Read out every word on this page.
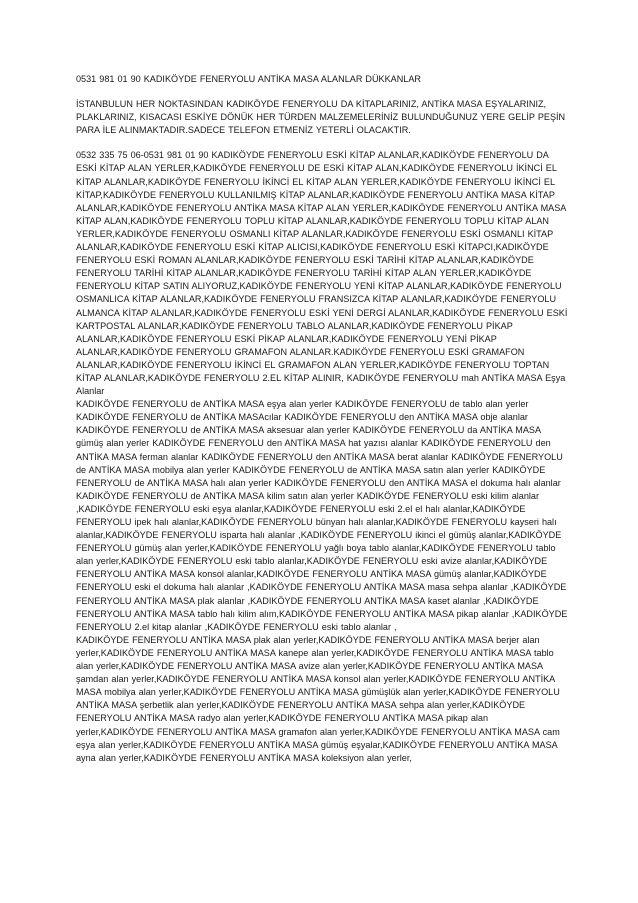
0531 981 01 90 KADIKÖYDE FENERYOLU ANTİKA MASA ALANLAR DÜKKANLAR

İSTANBULUN HER NOKTASINDAN KADIKÖYDE FENERYOLU DA KİTAPLARINIZ, ANTİKA MASA EŞYALARINIZ, PLAKLARINIZ, KISACASI ESKİYE DÖNÜK HER TÜRDEN MALZEMELERİNİZ BULUNDUĞUNUZ YERE GELİP PEŞİN PARA İLE ALINMAKTADIR.SADECE TELEFON ETMENİZ YETERLİ OLACAKTIR.

0532 335 75 06-0531 981 01 90 KADIKÖYDE FENERYOLU ESKİ KİTAP ALANLAR,KADIKÖYDE FENERYOLU DA ESKİ KİTAP ALAN YERLER,KADIKÖYDE FENERYOLU DE ESKİ KİTAP ALAN,KADIKÖYDE FENERYOLU İKİNCİ EL KİTAP ALANLAR,KADIKÖYDE FENERYOLU İKİNCİ EL KİTAP ALAN YERLER,KADIKÖYDE FENERYOLU İKİNCİ EL KİTAP,KADIKÖYDE FENERYOLU KULLANILMIŞ KİTAP ALANLAR,KADIKÖYDE FENERYOLU ANTİKA MASA KİTAP ALANLAR,KADIKÖYDE FENERYOLU ANTİKA MASA KİTAP ALAN YERLER,KADIKÖYDE FENERYOLU ANTİKA MASA KİTAP ALAN,KADIKÖYDE FENERYOLU TOPLU KİTAP ALANLAR,KADIKÖYDE FENERYOLU TOPLU KİTAP ALAN YERLER,KADIKÖYDE FENERYOLU OSMANLI KİTAP ALANLAR,KADIKÖYDE FENERYOLU ESKİ OSMANLI KİTAP ALANLAR,KADIKÖYDE FENERYOLU ESKİ KİTAP ALICISI,KADIKÖYDE FENERYOLU ESKİ KİTAPCI,KADIKÖYDE FENERYOLU ESKİ ROMAN ALANLAR,KADIKÖYDE FENERYOLU ESKİ TARİHİ KİTAP ALANLAR,KADIKÖYDE FENERYOLU TARİHİ KİTAP ALANLAR,KADIKÖYDE FENERYOLU TARİHİ KİTAP ALAN YERLER,KADIKÖYDE FENERYOLU KİTAP SATIN ALIYORUZ,KADIKÖYDE FENERYOLU YENİ KİTAP ALANLAR,KADIKÖYDE FENERYOLU OSMANLICA KİTAP ALANLAR,KADIKÖYDE FENERYOLU FRANSIZCA KİTAP ALANLAR,KADIKÖYDE FENERYOLU ALMANCA KİTAP ALANLAR,KADIKÖYDE FENERYOLU ESKİ YENİ DERGİ ALANLAR,KADIKÖYDE FENERYOLU ESKİ KARTPOSTAL ALANLAR,KADIKÖYDE FENERYOLU TABLO ALANLAR,KADIKÖYDE FENERYOLU PİKAP ALANLAR,KADIKÖYDE FENERYOLU ESKİ PİKAP ALANLAR,KADIKÖYDE FENERYOLU YENİ PİKAP ALANLAR,KADIKÖYDE FENERYOLU GRAMAFON ALANLAR.KADIKÖYDE FENERYOLU ESKİ GRAMAFON ALANLAR,KADIKÖYDE FENERYOLU İKİNCİ EL GRAMAFON ALAN YERLER,KADIKÖYDE FENERYOLU TOPTAN KİTAP ALANLAR,KADIKÖYDE FENERYOLU 2.EL KİTAP ALINIR, KADIKÖYDE FENERYOLU mah ANTİKA MASA Eşya Alanlar

KADIKÖYDE FENERYOLU de ANTİKA MASA eşya alan yerler KADIKÖYDE FENERYOLU de tablo alan yerler KADIKÖYDE FENERYOLU de ANTİKA MASAcılar KADIKÖYDE FENERYOLU den ANTİKA MASA obje alanlar KADIKÖYDE FENERYOLU de ANTİKA MASA aksesuar alan yerler KADIKÖYDE FENERYOLU da ANTİKA MASA gümüş alan yerler KADIKÖYDE FENERYOLU den ANTİKA MASA hat yazısı alanlar KADIKÖYDE FENERYOLU den ANTİKA MASA ferman alanlar KADIKÖYDE FENERYOLU den ANTİKA MASA berat alanlar KADIKÖYDE FENERYOLU de ANTİKA MASA mobilya alan yerler KADIKÖYDE FENERYOLU de ANTİKA MASA satın alan yerler KADIKÖYDE FENERYOLU de ANTİKA MASA halı alan yerler KADIKÖYDE FENERYOLU den ANTİKA MASA el dokuma halı alanlar KADIKÖYDE FENERYOLU de ANTİKA MASA kilim satın alan yerler KADIKÖYDE FENERYOLU eski kilim alanlar ,KADIKÖYDE FENERYOLU eski eşya alanlar,KADIKÖYDE FENERYOLU eski 2.el el halı alanlar,KADIKÖYDE FENERYOLU ipek halı alanlar,KADIKÖYDE FENERYOLU bünyan halı alanlar,KADIKÖYDE FENERYOLU kayseri halı alanlar,KADIKÖYDE FENERYOLU isparta halı alanlar ,KADIKÖYDE FENERYOLU ikinci el gümüş alanlar,KADIKÖYDE FENERYOLU gümüş alan yerler,KADIKÖYDE FENERYOLU yağlı boya tablo alanlar,KADIKÖYDE FENERYOLU tablo alan yerler,KADIKÖYDE FENERYOLU eski tablo alanlar,KADIKÖYDE FENERYOLU eski avize alanlar,KADIKÖYDE FENERYOLU ANTİKA MASA konsol alanlar,KADIKÖYDE FENERYOLU ANTİKA MASA gümüş alanlar,KADIKÖYDE FENERYOLU eski el dokuma halı alanlar ,KADIKÖYDE FENERYOLU ANTİKA MASA masa sehpa alanlar ,KADIKÖYDE FENERYOLU ANTİKA MASA plak alanlar ,KADIKÖYDE FENERYOLU ANTİKA MASA kaset alanlar ,KADIKÖYDE FENERYOLU ANTİKA MASA tablo halı kilim alım,KADIKÖYDE FENERYOLU ANTİKA MASA pikap alanlar ,KADIKÖYDE FENERYOLU 2.el kitap alanlar ,KADIKÖYDE FENERYOLU eski tablo alanlar ,

KADIKÖYDE FENERYOLU ANTİKA MASA plak alan yerler,KADIKÖYDE FENERYOLU ANTİKA MASA berjer alan yerler,KADIKÖYDE FENERYOLU ANTİKA MASA kanepe alan yerler,KADIKÖYDE FENERYOLU ANTİKA MASA tablo alan yerler,KADIKÖYDE FENERYOLU ANTİKA MASA avize alan yerler,KADIKÖYDE FENERYOLU ANTİKA MASA şamdan alan yerler,KADIKÖYDE FENERYOLU ANTİKA MASA konsol alan yerler,KADIKÖYDE FENERYOLU ANTİKA MASA mobilya alan yerler,KADIKÖYDE FENERYOLU ANTİKA MASA gümüşlük alan yerler,KADIKÖYDE FENERYOLU ANTİKA MASA şerbetlik alan yerler,KADIKÖYDE FENERYOLU ANTİKA MASA sehpa alan yerler,KADIKÖYDE FENERYOLU ANTİKA MASA radyo alan yerler,KADIKÖYDE FENERYOLU ANTİKA MASA pikap alan yerler,KADIKÖYDE FENERYOLU ANTİKA MASA gramafon alan yerler,KADIKÖYDE FENERYOLU ANTİKA MASA cam eşya alan yerler,KADIKÖYDE FENERYOLU ANTİKA MASA gümüş eşyalar,KADIKÖYDE FENERYOLU ANTİKA MASA ayna alan yerler,KADIKÖYDE FENERYOLU ANTİKA MASA koleksiyon alan yerler,
